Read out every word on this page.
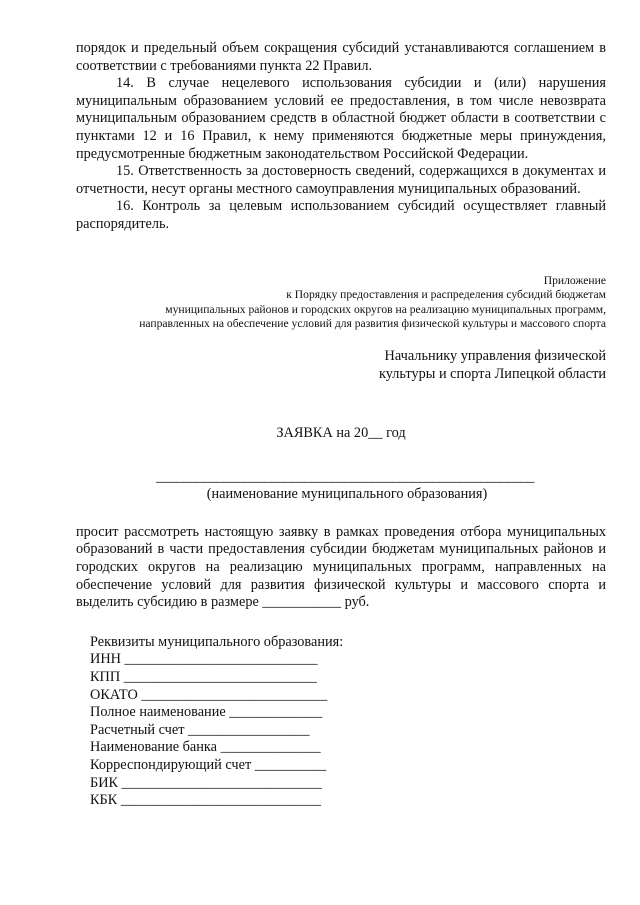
порядок и предельный объем сокращения субсидий устанавливаются соглашением в соответствии с требованиями пункта 22 Правил.

14. В случае нецелевого использования субсидии и (или) нарушения муниципальным образованием условий ее предоставления, в том числе невозврата муниципальным образованием средств в областной бюджет области в соответствии с пунктами 12 и 16 Правил, к нему применяются бюджетные меры принуждения, предусмотренные бюджетным законодательством Российской Федерации.

15. Ответственность за достоверность сведений, содержащихся в документах и отчетности, несут органы местного самоуправления муниципальных образований.

16. Контроль за целевым использованием субсидий осуществляет главный распорядитель.

Приложение
к Порядку предоставления и распределения субсидий бюджетам
муниципальных районов и городских округов на реализацию муниципальных программ,
направленных на обеспечение условий для развития физической культуры и массового спорта
Начальнику управления физической
культуры и спорта Липецкой области
ЗАЯВКА на 20__ год
________________________________________________________
(наименование муниципального образования)

просит рассмотреть настоящую заявку в рамках проведения отбора муниципальных образований в части предоставления субсидии бюджетам муниципальных районов и городских округов на реализацию муниципальных программ, направленных на обеспечение условий для развития физической культуры и массового спорта и выделить субсидию в размере ___________ руб.

Реквизиты муниципального образования:
ИНН ___________________________
КПП ___________________________
ОКАТО __________________________
Полное наименование _____________
Расчетный счет _________________
Наименование банка ______________
Корреспондирующий счет __________
БИК ____________________________
КБК ____________________________
